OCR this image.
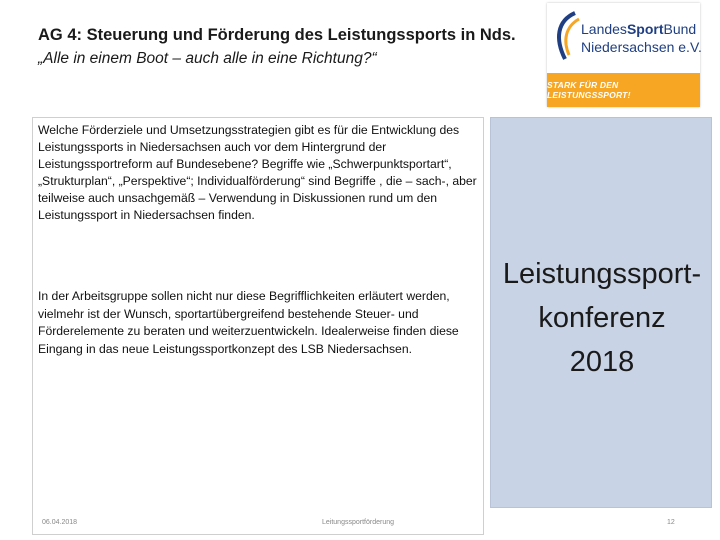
AG 4: Steuerung und Förderung des Leistungssports in Nds.
„Alle in einem Boot – auch alle in eine Richtung?“
LandesSportBund
Niedersachsen e.V.
STARK FÜR DEN LEISTUNGSSPORT!
Welche Förderziele und Umsetzungsstrategien gibt es für die Entwicklung des Leistungssports in Niedersachsen auch vor dem Hintergrund der Leistungssportreform auf Bundesebene? Begriffe wie „Schwerpunktsportart“, „Strukturplan“, „Perspektive“; Individualförderung“ sind Begriffe , die – sach-, aber teilweise auch unsachgemäß – Verwendung in Diskussionen rund um den Leistungssport in Niedersachsen finden.
In der Arbeitsgruppe sollen nicht nur diese Begrifflichkeiten erläutert werden, vielmehr ist der Wunsch, sportartübergreifend bestehende Steuer- und Förderelemente zu beraten und weiterzuentwickeln. Idealerweise finden diese Eingang in das neue Leistungssportkonzept des LSB Niedersachsen.
Leistungssport-
konferenz
2018
06.04.2018	Leitungssportförderung	12
